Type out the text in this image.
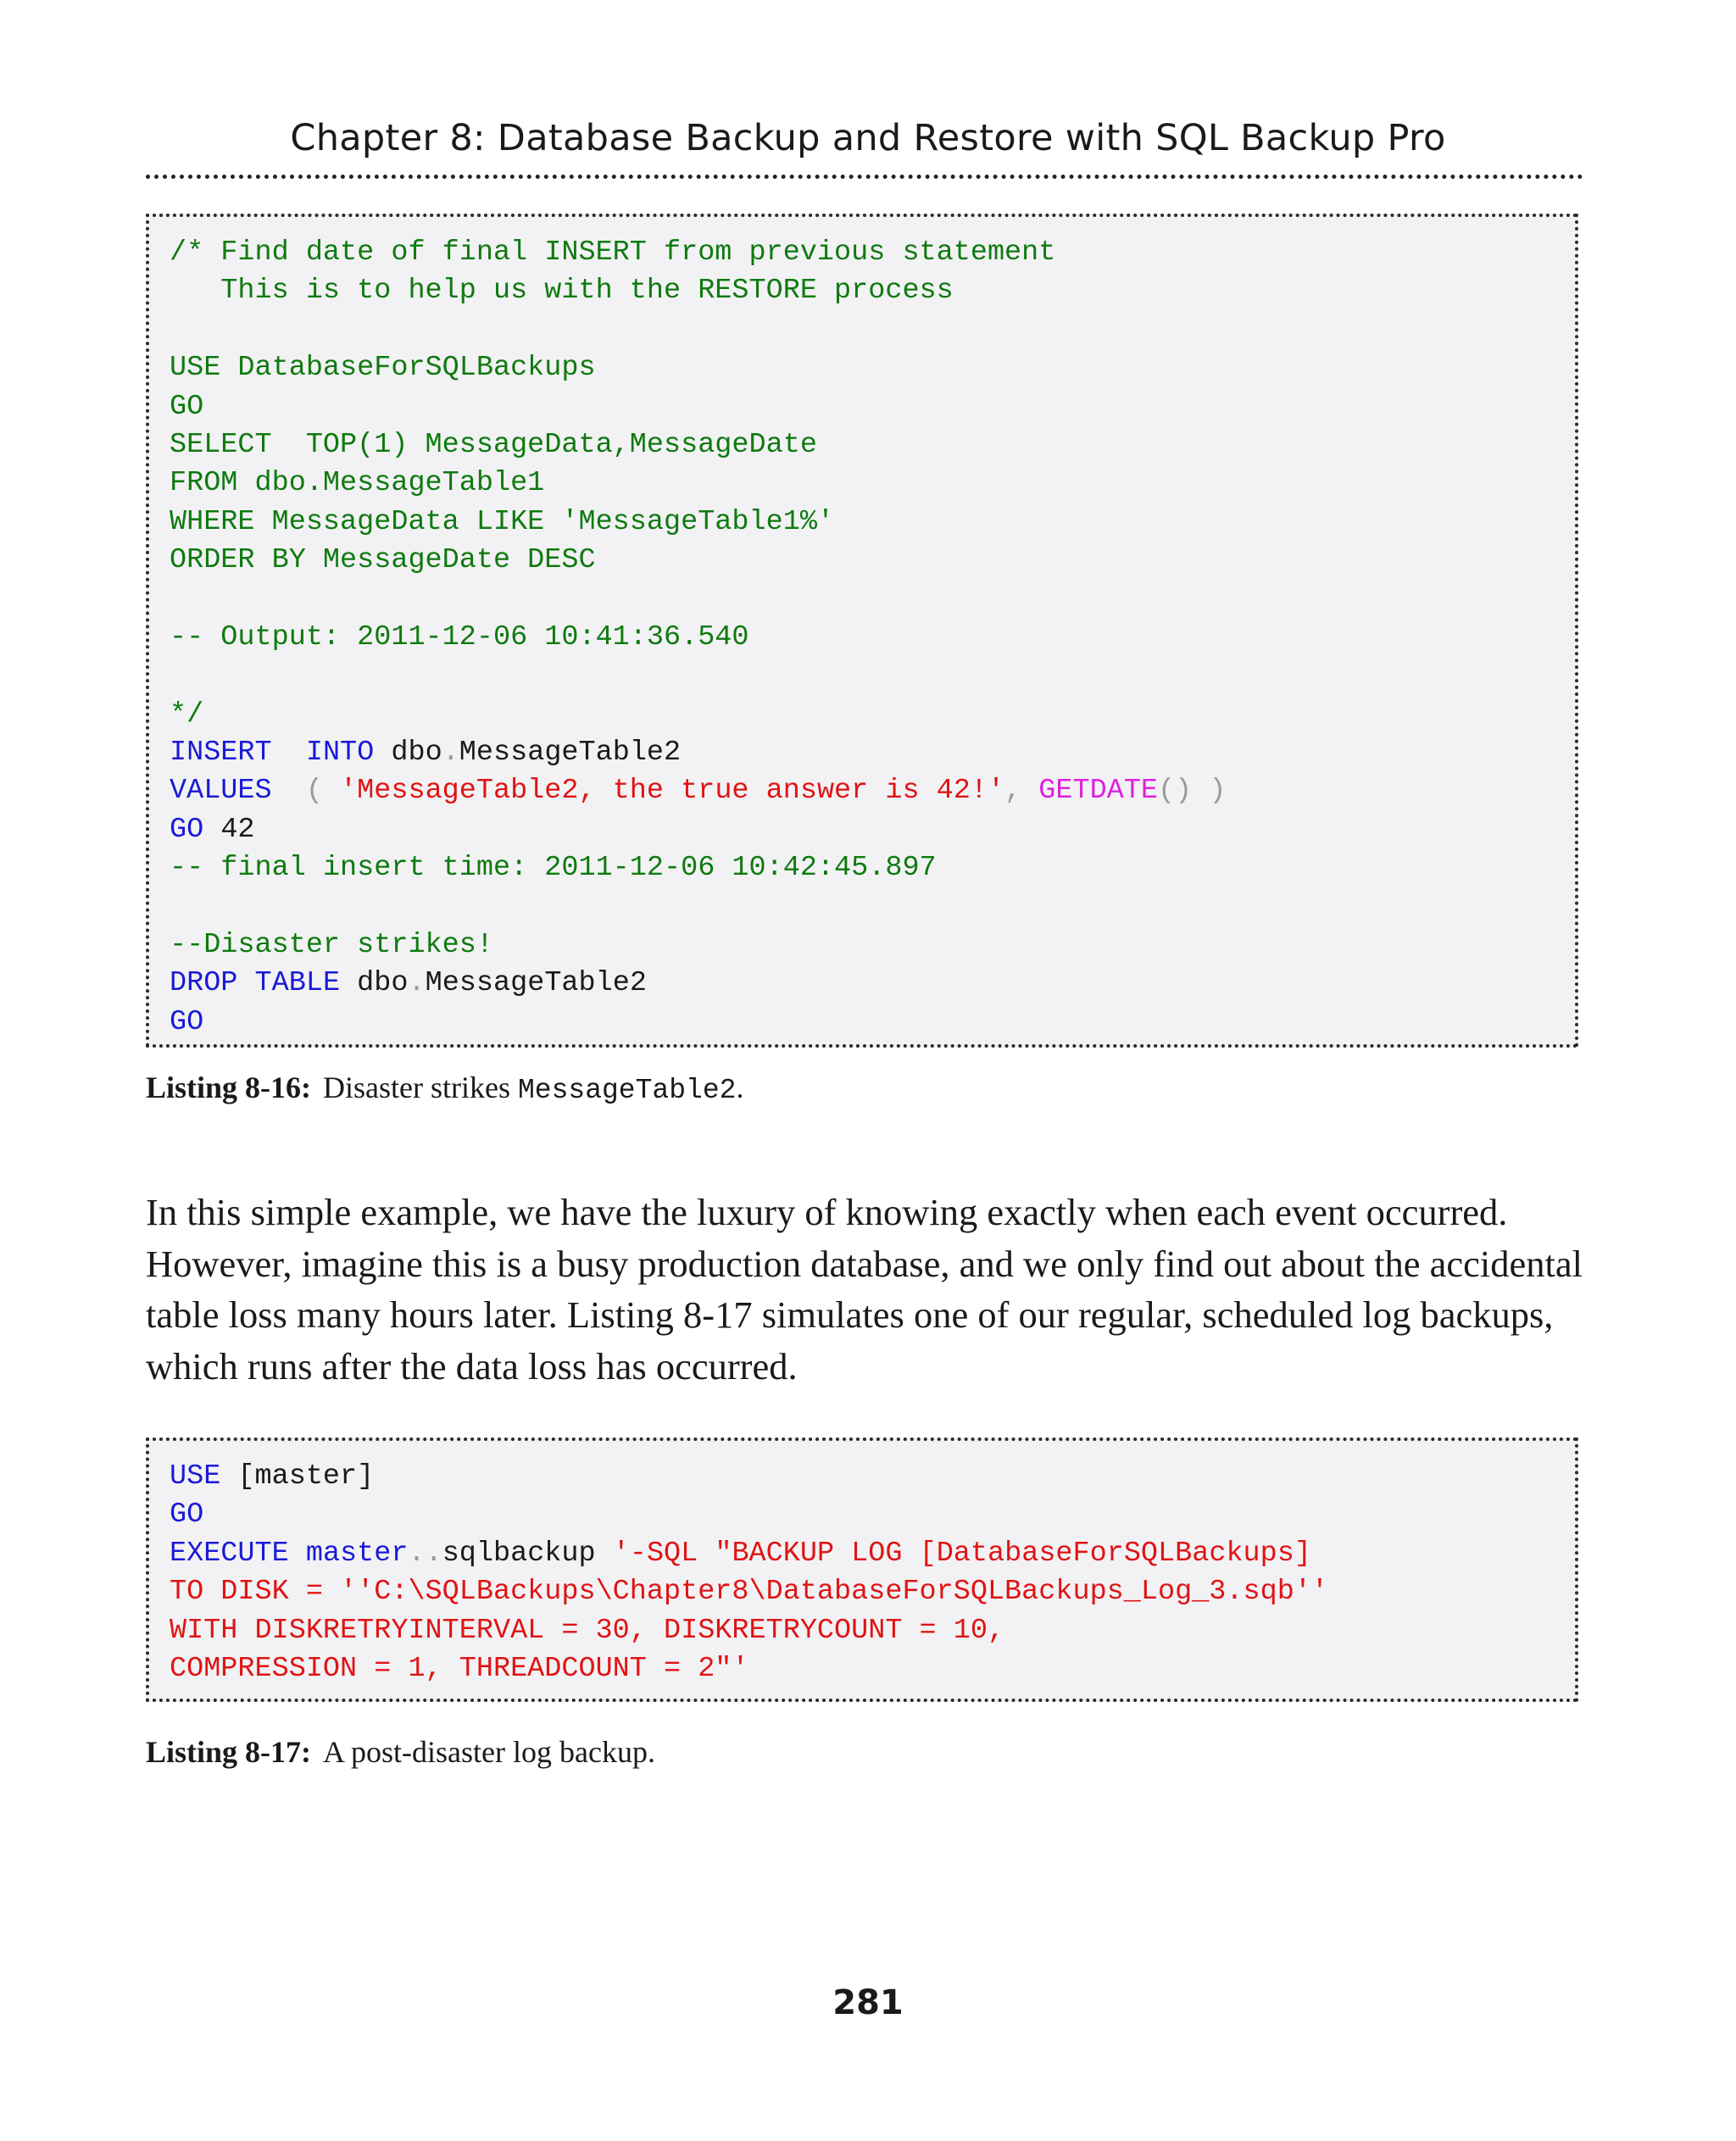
Chapter 8: Database Backup and Restore with SQL Backup Pro
/* Find date of final INSERT from previous statement
This is to help us with the RESTORE process
USE DatabaseForSQLBackups
GO
SELECT  TOP(1) MessageData,MessageDate
FROM dbo.MessageTable1
WHERE MessageData LIKE 'MessageTable1%'
ORDER BY MessageDate DESC
-- Output: 2011-12-06 10:41:36.540
*/
INSERT INTO dbo.MessageTable2
VALUES  ( 'MessageTable2, the true answer is 42!', GETDATE() )
GO 42
-- final insert time: 2011-12-06 10:42:45.897
--Disaster strikes!
DROP TABLE dbo.MessageTable2
GO
Listing 8-16: Disaster strikes MessageTable2.
In this simple example, we have the luxury of knowing exactly when each event occurred. However, imagine this is a busy production database, and we only find out about the accidental table loss many hours later. Listing 8-17 simulates one of our regular, scheduled log backups, which runs after the data loss has occurred.
USE [master]
GO
EXECUTE master..sqlbackup '-SQL "BACKUP LOG [DatabaseForSQLBackups]
TO DISK = ''C:\SQLBackups\Chapter8\DatabaseForSQLBackups_Log_3.sqb''
WITH DISKRETRYINTERVAL = 30, DISKRETRYCOUNT = 10,
COMPRESSION = 1, THREADCOUNT = 2"'
Listing 8-17: A post-disaster log backup.
281
